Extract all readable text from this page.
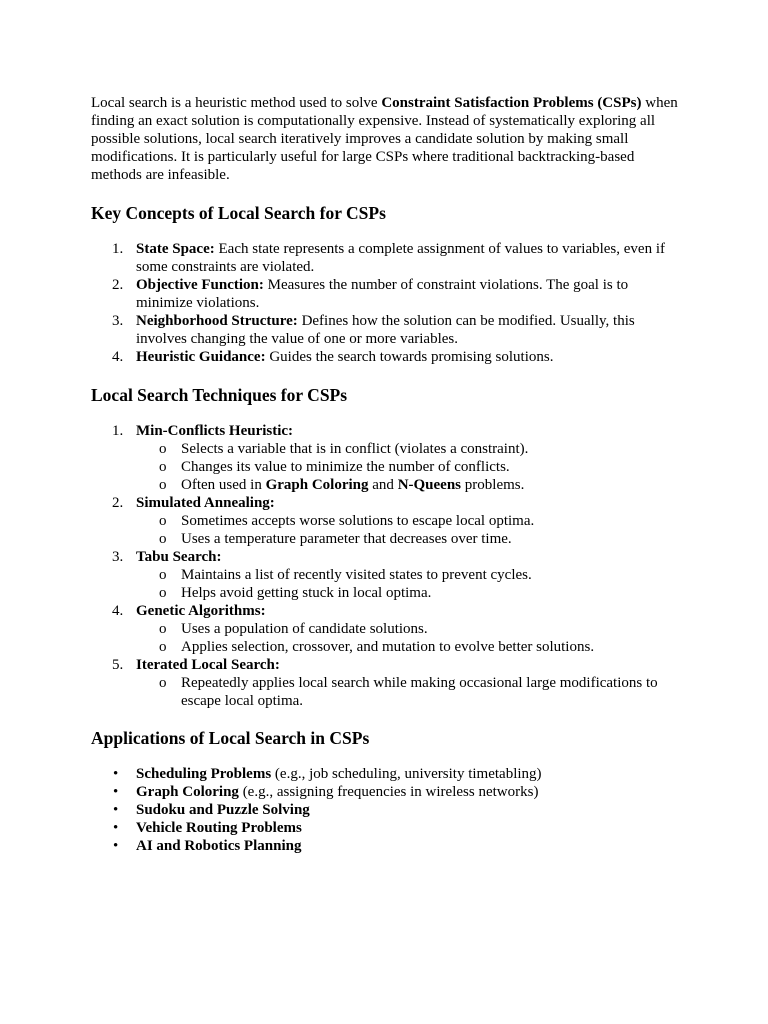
Local search is a heuristic method used to solve Constraint Satisfaction Problems (CSPs) when finding an exact solution is computationally expensive. Instead of systematically exploring all possible solutions, local search iteratively improves a candidate solution by making small modifications. It is particularly useful for large CSPs where traditional backtracking-based methods are infeasible.

Key Concepts of Local Search for CSPs
1. State Space: Each state represents a complete assignment of values to variables, even if some constraints are violated.
2. Objective Function: Measures the number of constraint violations. The goal is to minimize violations.
3. Neighborhood Structure: Defines how the solution can be modified. Usually, this involves changing the value of one or more variables.
4. Heuristic Guidance: Guides the search towards promising solutions.
Local Search Techniques for CSPs
1. Min-Conflicts Heuristic:
o Selects a variable that is in conflict (violates a constraint).
o Changes its value to minimize the number of conflicts.
o Often used in Graph Coloring and N-Queens problems.
2. Simulated Annealing:
o Sometimes accepts worse solutions to escape local optima.
o Uses a temperature parameter that decreases over time.
3. Tabu Search:
o Maintains a list of recently visited states to prevent cycles.
o Helps avoid getting stuck in local optima.
4. Genetic Algorithms:
o Uses a population of candidate solutions.
o Applies selection, crossover, and mutation to evolve better solutions.
5. Iterated Local Search:
o Repeatedly applies local search while making occasional large modifications to escape local optima.
Applications of Local Search in CSPs
• Scheduling Problems (e.g., job scheduling, university timetabling)
• Graph Coloring (e.g., assigning frequencies in wireless networks)
• Sudoku and Puzzle Solving
• Vehicle Routing Problems
• AI and Robotics Planning
